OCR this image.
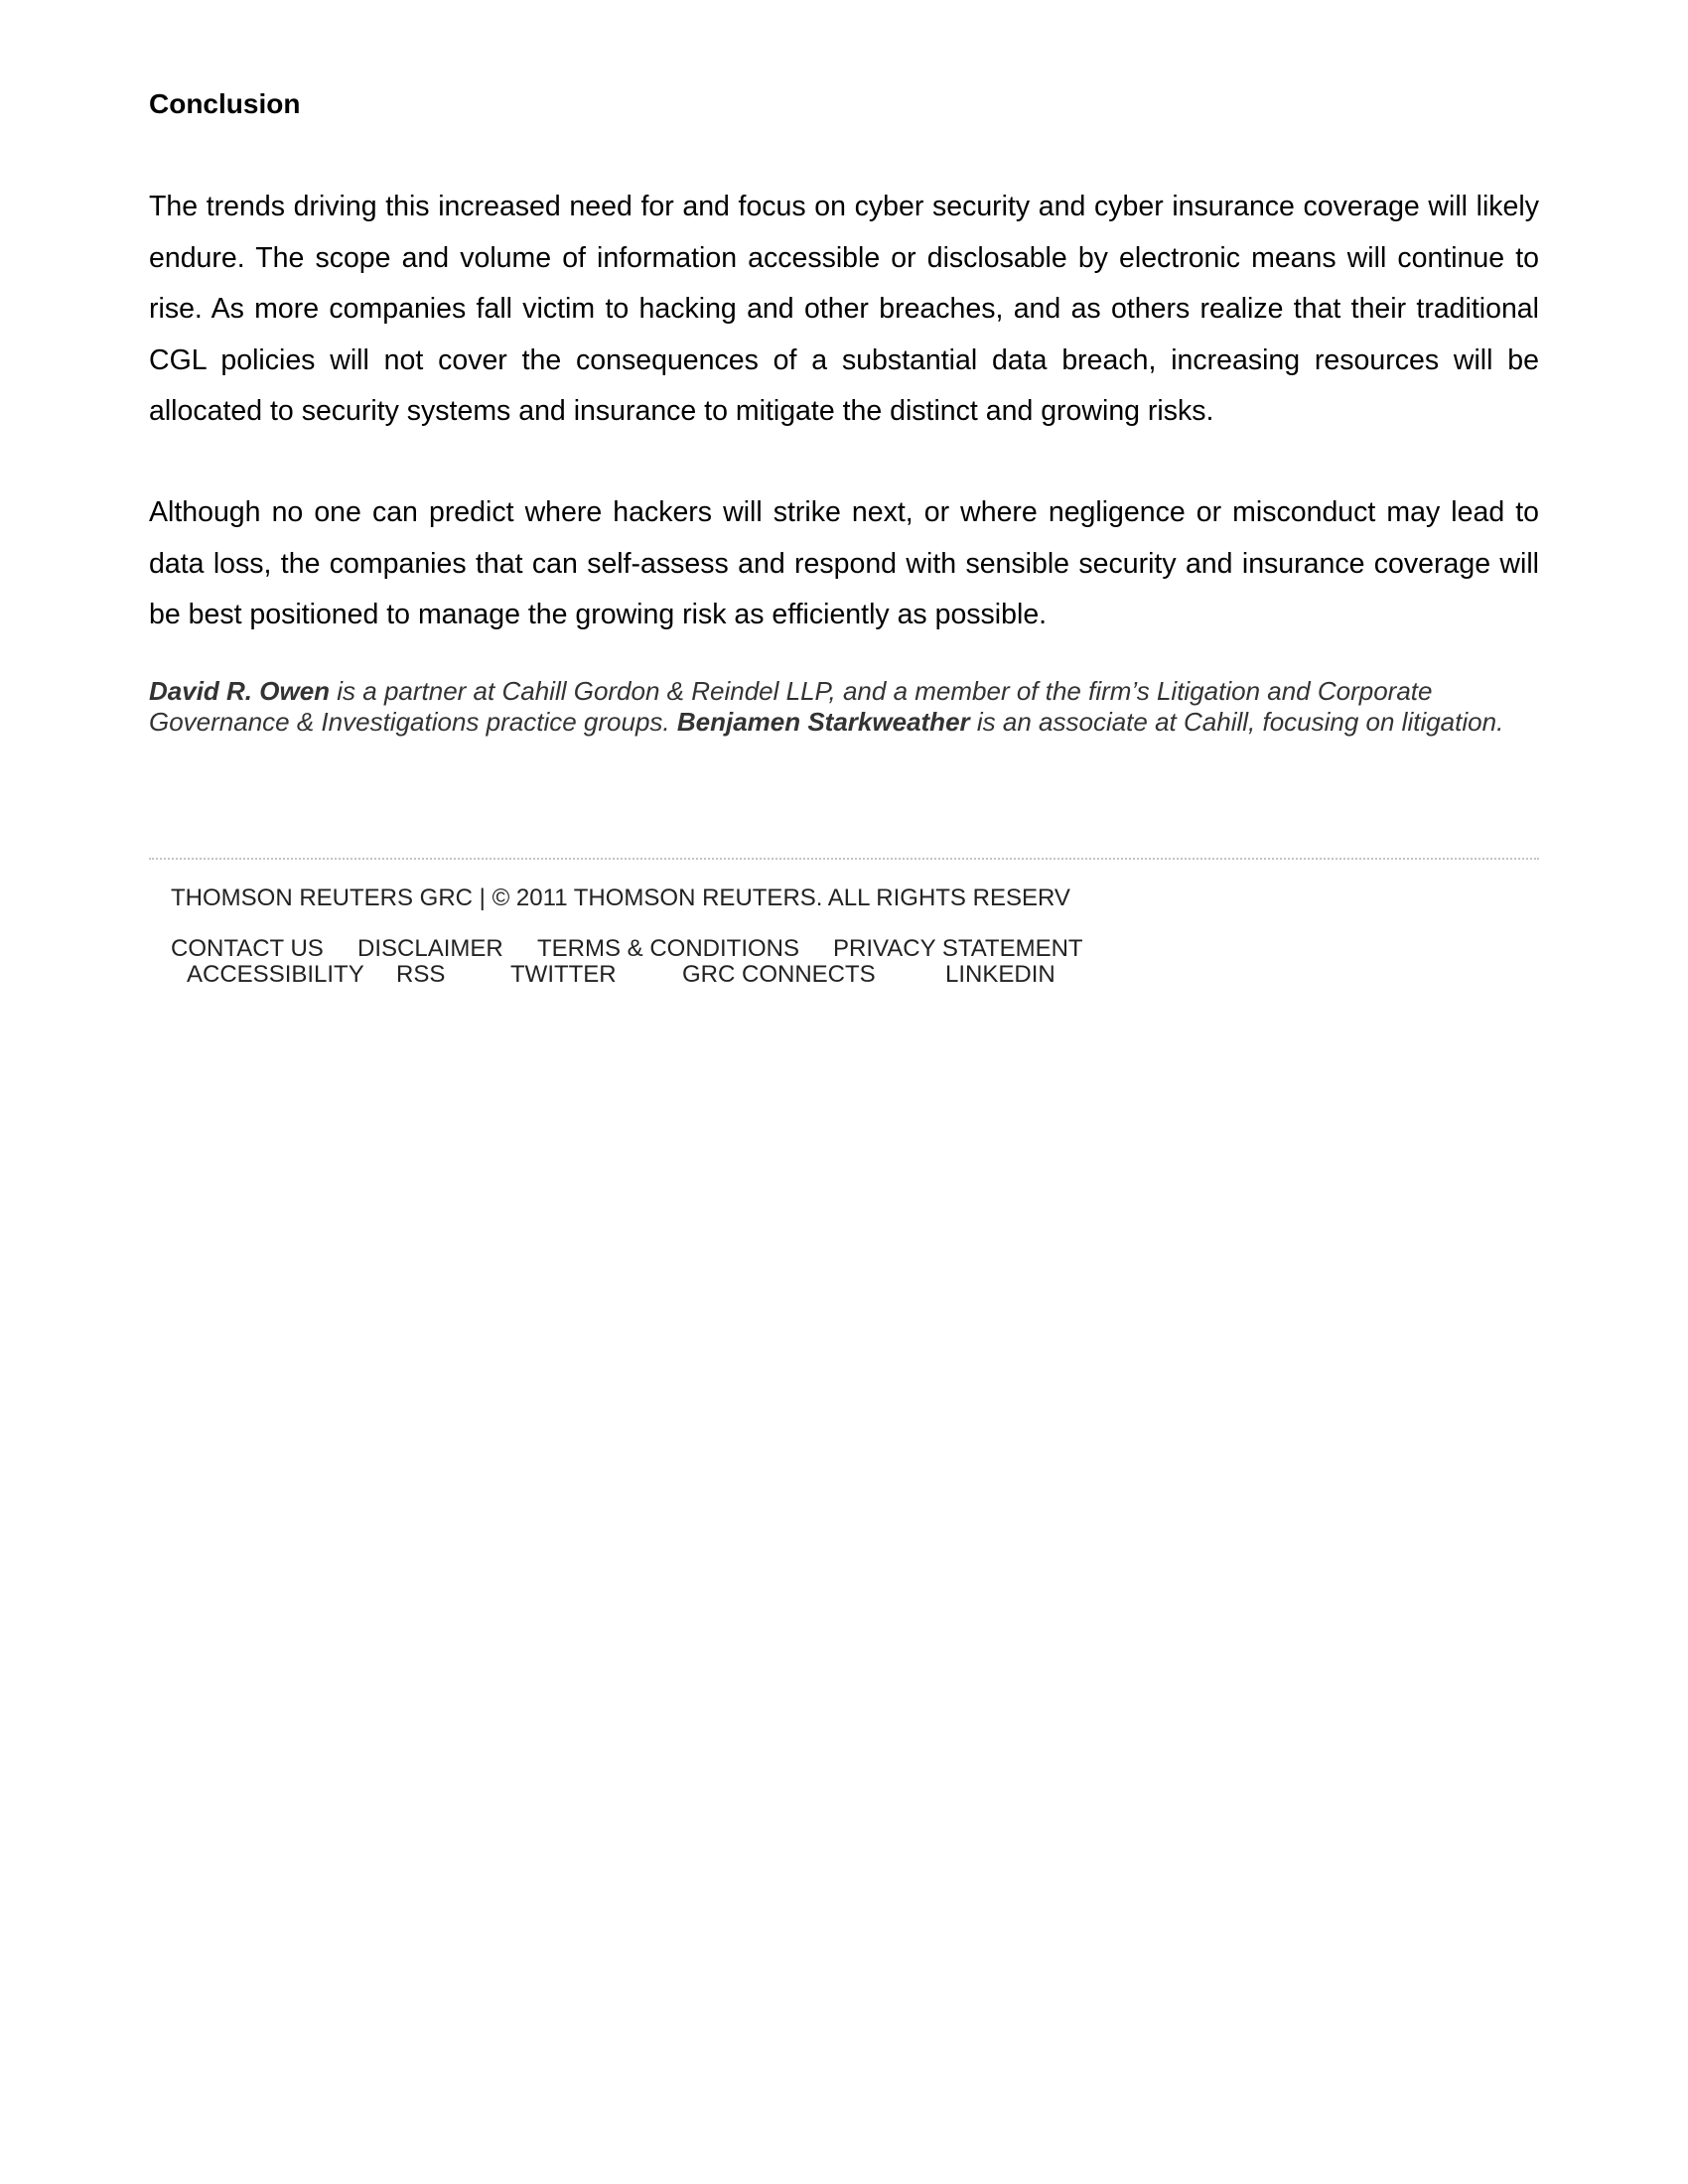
Conclusion

The trends driving this increased need for and focus on cyber security and cyber insurance coverage will likely endure. The scope and volume of information accessible or disclosable by electronic means will continue to rise. As more companies fall victim to hacking and other breaches, and as others realize that their traditional CGL policies will not cover the consequences of a substantial data breach, increasing resources will be allocated to security systems and insurance to mitigate the distinct and growing risks.

Although no one can predict where hackers will strike next, or where negligence or misconduct may lead to data loss, the companies that can self-assess and respond with sensible security and insurance coverage will be best positioned to manage the growing risk as efficiently as possible.

David R. Owen is a partner at Cahill Gordon & Reindel LLP, and a member of the firm’s Litigation and Corporate Governance & Investigations practice groups. Benjamen Starkweather is an associate at Cahill, focusing on litigation.

THOMSON REUTERS GRC | © 2011 THOMSON REUTERS. ALL RIGHTS RESERV
CONTACT US DISCLAIMER TERMS & CONDITIONS PRIVACY STATEMENT
ACCESSIBILITY RSS	TWITTER	GRC CONNECTS	LINKEDIN
